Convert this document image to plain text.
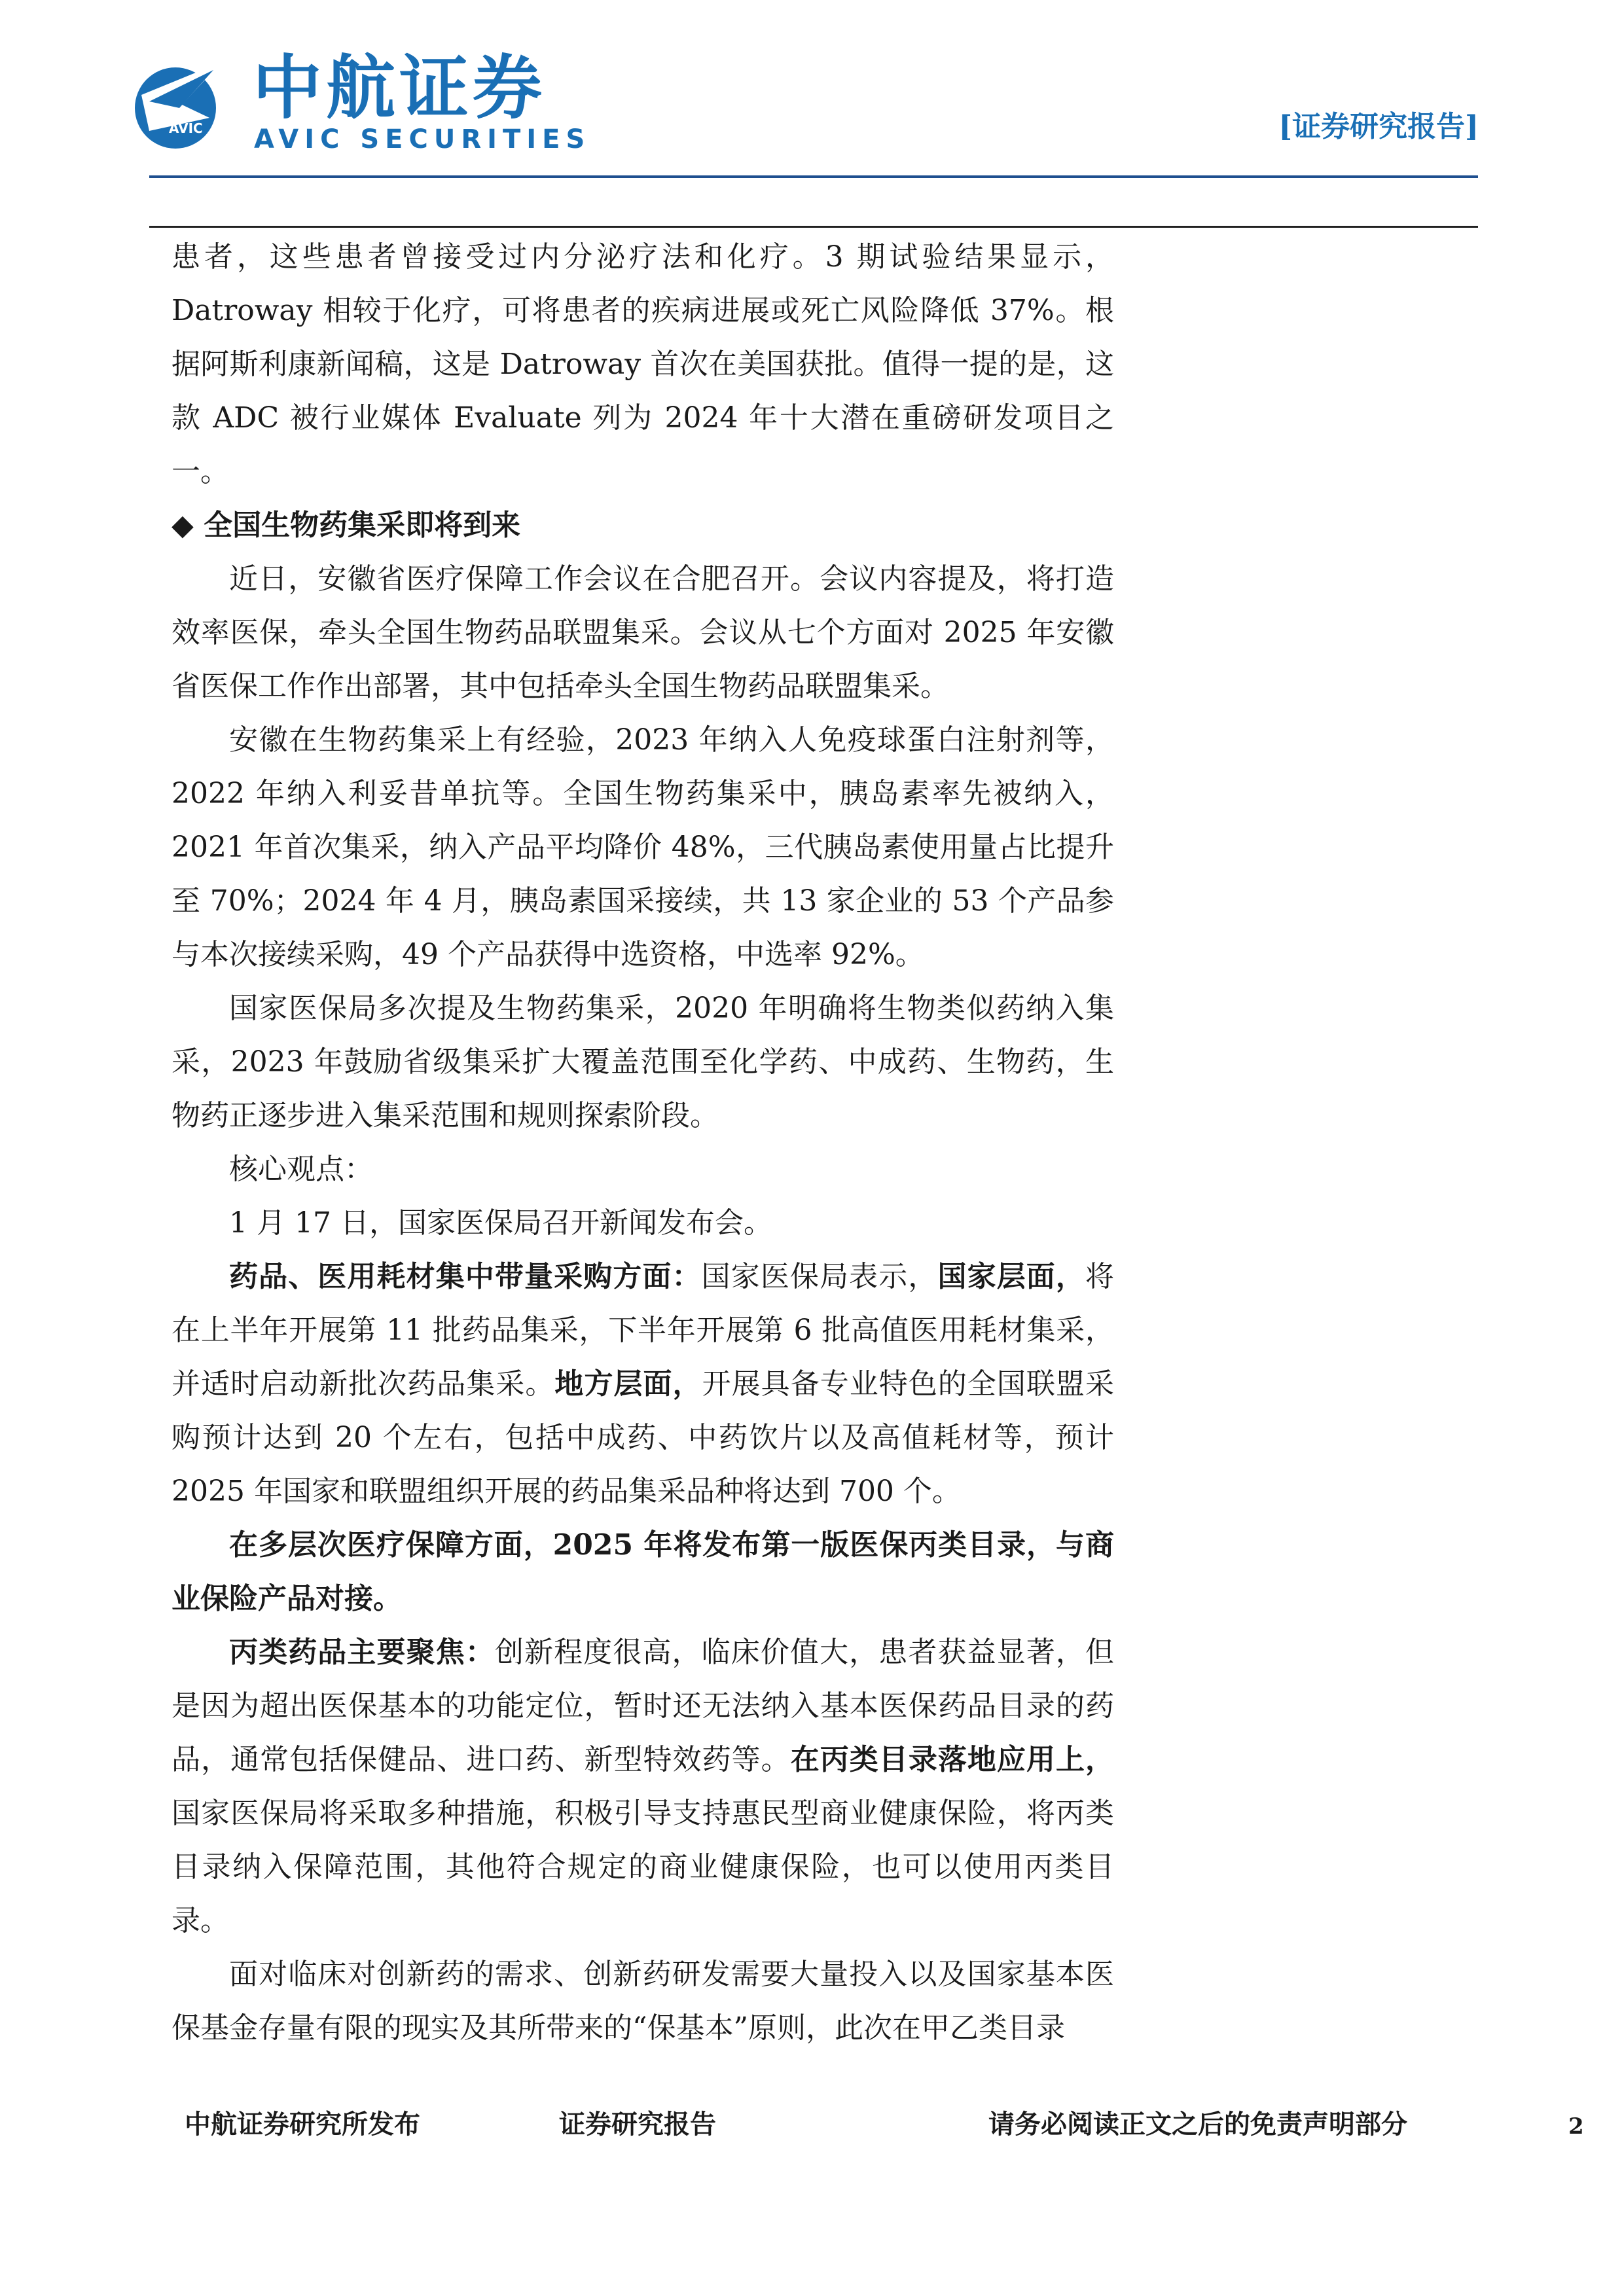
AVIC 中航证券
AVIC SECURITIES	[证券研究报告]

患者，这些患者曾接受过内分泌疗法和化疗。3 期试验结果显示，Datroway 相较于化疗，可将患者的疾病进展或死亡风险降低 37%。根据阿斯利康新闻稿，这是 Datroway 首次在美国获批。值得一提的是，这款 ADC 被行业媒体 Evaluate 列为 2024 年十大潜在重磅研发项目之一。

◆ 全国生物药集采即将到来

近日，安徽省医疗保障工作会议在合肥召开。会议内容提及，将打造效率医保，牵头全国生物药品联盟集采。会议从七个方面对 2025 年安徽省医保工作作出部署，其中包括牵头全国生物药品联盟集采。

安徽在生物药集采上有经验，2023 年纳入人免疫球蛋白注射剂等，2022 年纳入利妥昔单抗等。全国生物药集采中，胰岛素率先被纳入，2021 年首次集采，纳入产品平均降价 48%，三代胰岛素使用量占比提升至 70%；2024 年 4 月，胰岛素国采接续，共 13 家企业的 53 个产品参与本次接续采购，49 个产品获得中选资格，中选率 92%。

国家医保局多次提及生物药集采，2020 年明确将生物类似药纳入集采，2023 年鼓励省级集采扩大覆盖范围至化学药、中成药、生物药，生物药正逐步进入集采范围和规则探索阶段。

核心观点：

1 月 17 日，国家医保局召开新闻发布会。

药品、医用耗材集中带量采购方面：国家医保局表示，国家层面，将在上半年开展第 11 批药品集采，下半年开展第 6 批高值医用耗材集采，并适时启动新批次药品集采。地方层面，开展具备专业特色的全国联盟采购预计达到 20 个左右，包括中成药、中药饮片以及高值耗材等，预计 2025 年国家和联盟组织开展的药品集采品种将达到 700 个。

在多层次医疗保障方面，2025 年将发布第一版医保丙类目录，与商业保险产品对接。

丙类药品主要聚焦：创新程度很高，临床价值大，患者获益显著，但是因为超出医保基本的功能定位，暂时还无法纳入基本医保药品目录的药品，通常包括保健品、进口药、新型特效药等。在丙类目录落地应用上，国家医保局将采取多种措施，积极引导支持惠民型商业健康保险，将丙类目录纳入保障范围，其他符合规定的商业健康保险，也可以使用丙类目录。

面对临床对创新药的需求、创新药研发需要大量投入以及国家基本医保基金存量有限的现实及其所带来的“保基本”原则，此次在甲乙类目录

中航证券研究所发布	证券研究报告	请务必阅读正文之后的免责声明部分	2
